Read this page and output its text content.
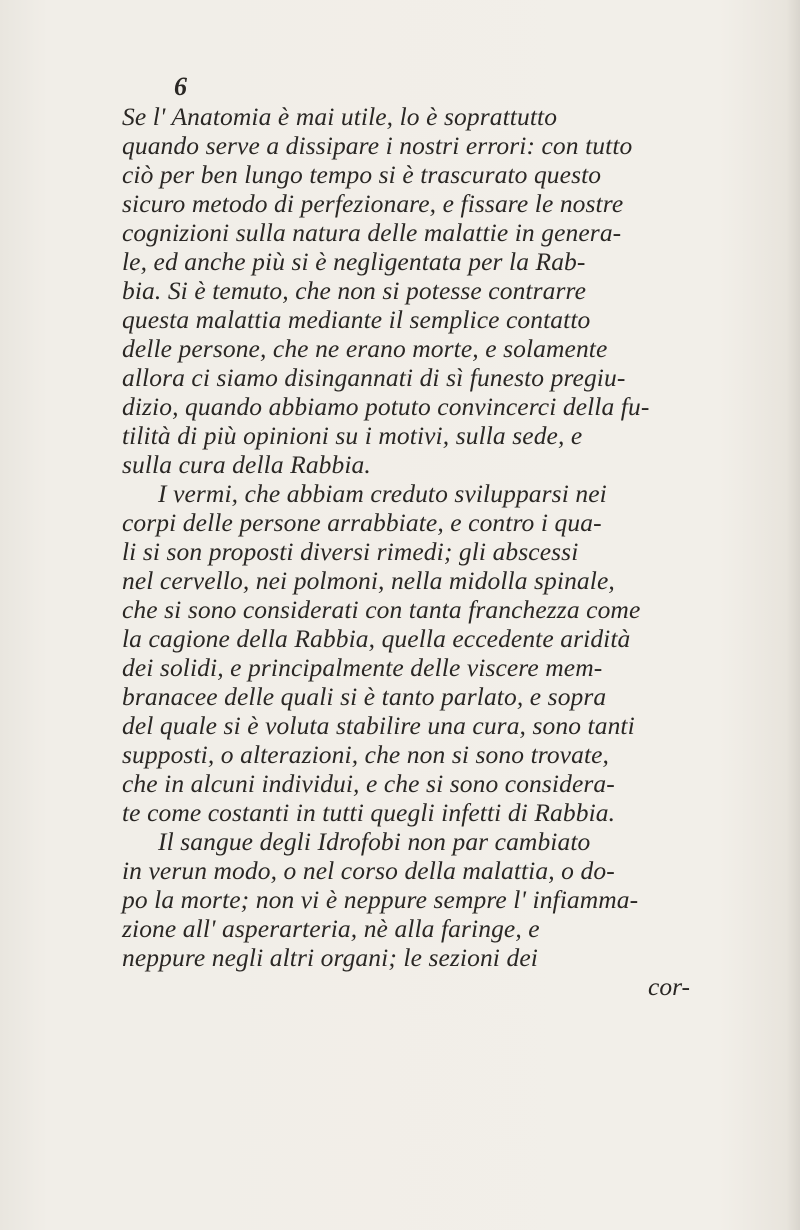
6
Se l' Anatomia è mai utile, lo è soprattutto
quando serve a dissipare i nostri errori: con tutto
ciò per ben lungo tempo si è trascurato questo
sicuro metodo di perfezionare, e fissare le nostre
cognizioni sulla natura delle malattie in genera-
le, ed anche più si è negligentata per la Rab-
bia. Si è temuto, che non si potesse contrarre
questa malattia mediante il semplice contatto
delle persone, che ne erano morte, e solamente
allora ci siamo disingannati di sì funesto pregiu-
dizio, quando abbiamo potuto convincerci della fu-
tilità di più opinioni su i motivi, sulla sede, e
sulla cura della Rabbia.
I vermi, che abbiam creduto svilupparsi nei
corpi delle persone arrabbiate, e contro i qua-
li si son proposti diversi rimedi; gli abscessi
nel cervello, nei polmoni, nella midolla spinale,
che si sono considerati con tanta franchezza come
la cagione della Rabbia, quella eccedente aridità
dei solidi, e principalmente delle viscere mem-
branacee delle quali si è tanto parlato, e sopra
del quale si è voluta stabilire una cura, sono tanti
supposti, o alterazioni, che non si sono trovate,
che in alcuni individui, e che si sono considera-
te come costanti in tutti quegli infetti di Rabbia.
Il sangue degli Idrofobi non par cambiato
in verun modo, o nel corso della malattia, o do-
po la morte; non vi è neppure sempre l' infiamma-
zione all' asperarteria, nè alla faringe, e
neppure negli altri organi; le sezioni dei
cor-
